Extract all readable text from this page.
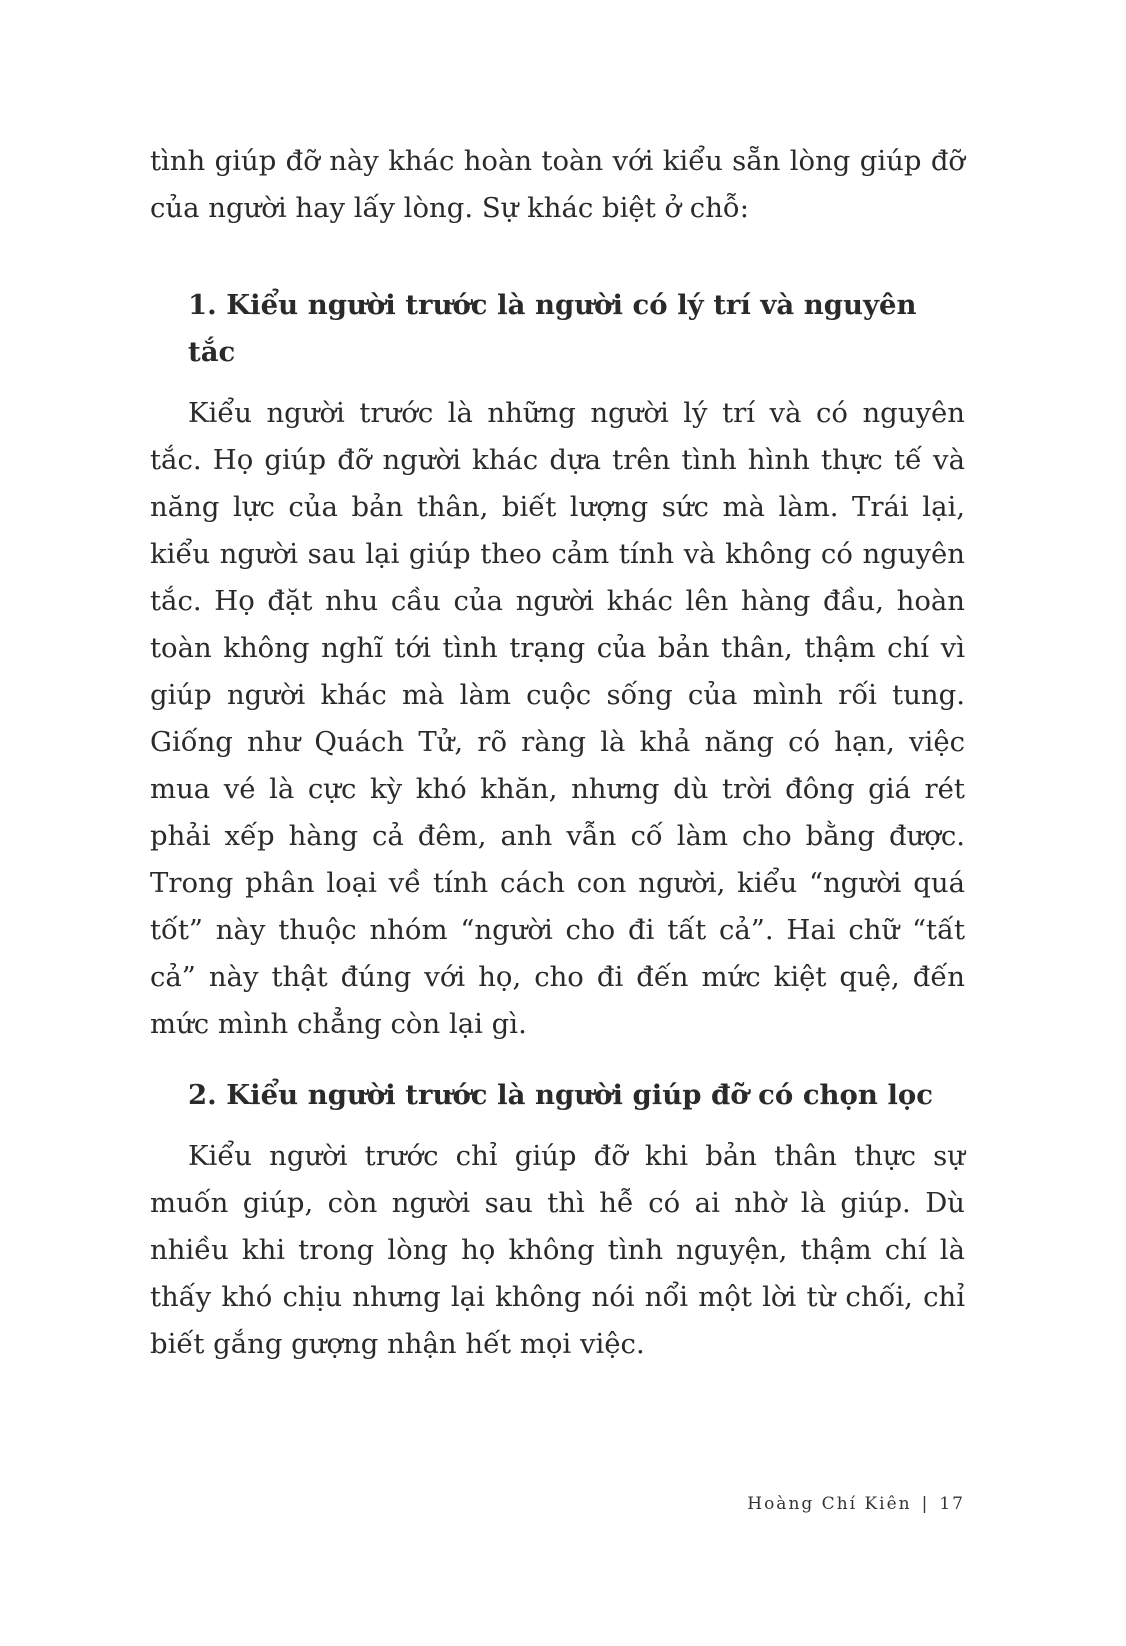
tình giúp đỡ này khác hoàn toàn với kiểu sẵn lòng giúp đỡ của người hay lấy lòng. Sự khác biệt ở chỗ:

1. Kiểu người trước là người có lý trí và nguyên tắc

Kiểu người trước là những người lý trí và có nguyên tắc. Họ giúp đỡ người khác dựa trên tình hình thực tế và năng lực của bản thân, biết lượng sức mà làm. Trái lại, kiểu người sau lại giúp theo cảm tính và không có nguyên tắc. Họ đặt nhu cầu của người khác lên hàng đầu, hoàn toàn không nghĩ tới tình trạng của bản thân, thậm chí vì giúp người khác mà làm cuộc sống của mình rối tung. Giống như Quách Tử, rõ ràng là khả năng có hạn, việc mua vé là cực kỳ khó khăn, nhưng dù trời đông giá rét phải xếp hàng cả đêm, anh vẫn cố làm cho bằng được. Trong phân loại về tính cách con người, kiểu “người quá tốt” này thuộc nhóm “người cho đi tất cả”. Hai chữ “tất cả” này thật đúng với họ, cho đi đến mức kiệt quệ, đến mức mình chẳng còn lại gì.

2. Kiểu người trước là người giúp đỡ có chọn lọc

Kiểu người trước chỉ giúp đỡ khi bản thân thực sự muốn giúp, còn người sau thì hễ có ai nhờ là giúp. Dù nhiều khi trong lòng họ không tình nguyện, thậm chí là thấy khó chịu nhưng lại không nói nổi một lời từ chối, chỉ biết gắng gượng nhận hết mọi việc.

Hoàng Chí Kiên | 17
